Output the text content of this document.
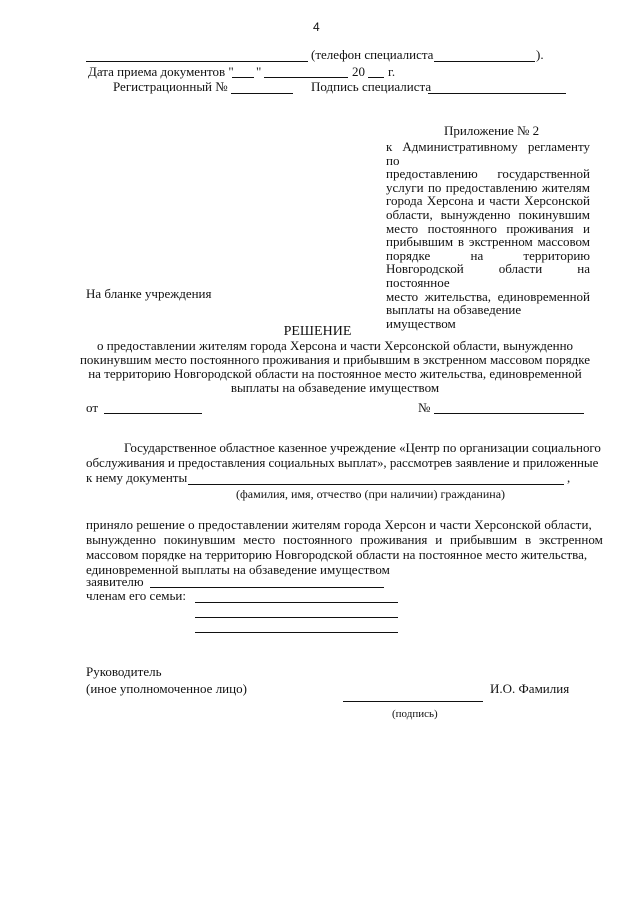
4
(телефон специалиста	).
Дата приема документов " "	20 г.
Регистрационный №	Подпись специалиста
Приложение № 2
к Административному регламенту по
предоставлению государственной
услуги по предоставлению жителям
города Херсона и части Херсонской
области, вынужденно покинувшим
место постоянного проживания и
прибывшим в экстренном массовом
порядке на территорию
Новгородской области на постоянное
место жительства, единовременной
выплаты на обзаведение имуществом
На бланке учреждения
РЕШЕНИЕ
о предоставлении жителям города Херсона и части Херсонской области, вынужденно
покинувшим место постоянного проживания и прибывшим в экстренном массовом порядке
на территорию Новгородской области на постоянное место жительства, единовременной
выплаты на обзаведение имуществом
от	№
Государственное областное казенное учреждение «Центр по организации социального
обслуживания и предоставления социальных выплат», рассмотрев заявление и приложенные
к нему документы	,
(фамилия, имя, отчество (при наличии) гражданина)
приняло решение о предоставлении жителям города Херсон и части Херсонской области,
вынужденно покинувшим место постоянного проживания и прибывшим в экстренном
массовом порядке на территорию Новгородской области на постоянное место жительства,
единовременной выплаты на обзаведение имуществом
заявителю
членам его семьи:
Руководитель
(иное уполномоченное лицо)	И.О. Фамилия
(подпись)
